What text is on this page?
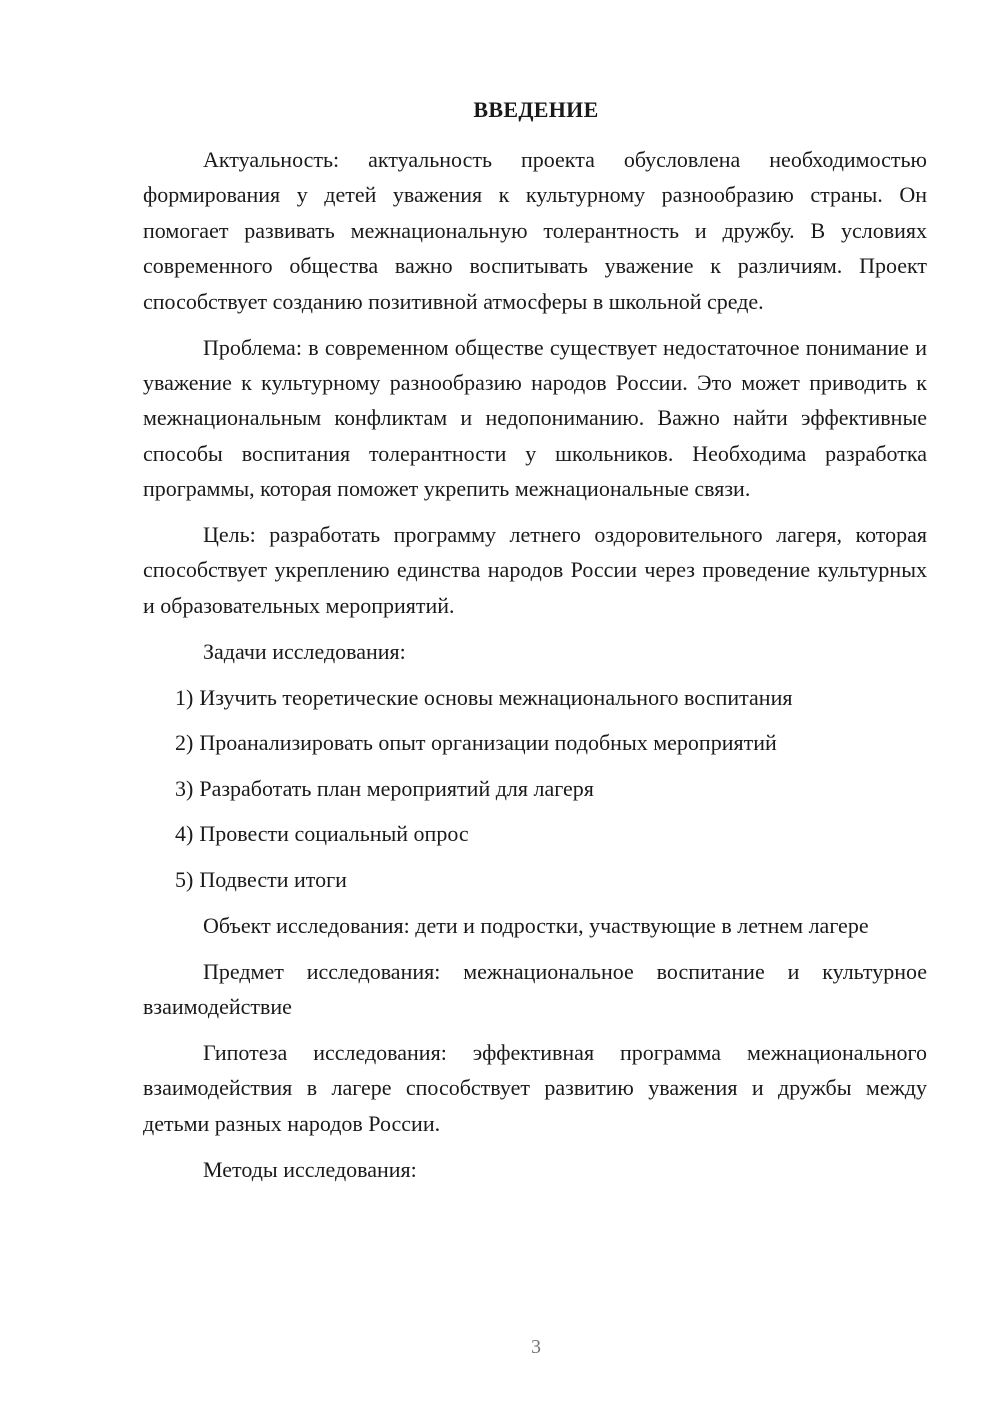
ВВЕДЕНИЕ

Актуальность: актуальность проекта обусловлена необходимостью формирования у детей уважения к культурному разнообразию страны. Он помогает развивать межнациональную толерантность и дружбу. В условиях современного общества важно воспитывать уважение к различиям. Проект способствует созданию позитивной атмосферы в школьной среде.

Проблема: в современном обществе существует недостаточное понимание и уважение к культурному разнообразию народов России. Это может приводить к межнациональным конфликтам и недопониманию. Важно найти эффективные способы воспитания толерантности у школьников. Необходима разработка программы, которая поможет укрепить межнациональные связи.

Цель: разработать программу летнего оздоровительного лагеря, которая способствует укреплению единства народов России через проведение культурных и образовательных мероприятий.

Задачи исследования:

1) Изучить теоретические основы межнационального воспитания
2) Проанализировать опыт организации подобных мероприятий
3) Разработать план мероприятий для лагеря
4) Провести социальный опрос
5) Подвести итоги

Объект исследования: дети и подростки, участвующие в летнем лагере

Предмет исследования: межнациональное воспитание и культурное взаимодействие

Гипотеза исследования: эффективная программа межнационального взаимодействия в лагере способствует развитию уважения и дружбы между детьми разных народов России.

Методы исследования:

3
